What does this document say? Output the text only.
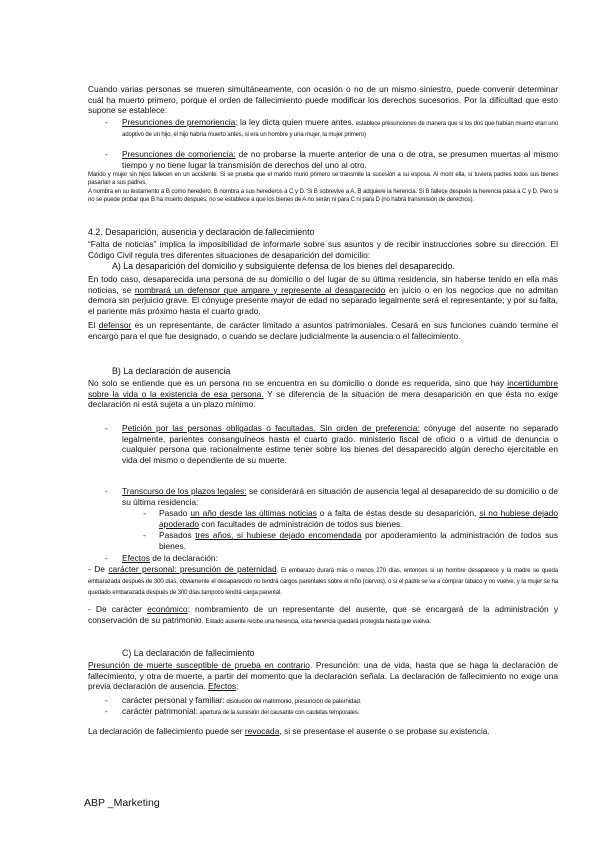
Cuando varias personas se mueren simultáneamente, con ocasión o no de un mismo siniestro, puede convenir determinar cuál ha muerto primero, porque el orden de fallecimiento puede modificar los derechos sucesorios. Por la dificultad que esto supone se establece:

- Presunciones de premoriencia: la ley dicta quien muere antes. establece presunciones de manera que si los dos que habían muerto eran uno adoptivo de un hijo, el hijo habría muerto antes, si era un hombre y una mujer, la mujer primero)

- Presunciones de comoriencia: de no probarse la muerte anterior de una o de otra, se presumen muertas al mismo tiempo y no tiene lugar la transmisión de derechos del uno al otro.

Marido y mujer sin hijos fallecen en un accidente. Si se prueba que el marido murió primero se transmite la sucesión a su esposa. Al morir ella, sí tuviera padres todos sus bienes pasarían a sus padres.

A nombra en su testamento a B como heredero. B nombra a sus herederos a C y D. Si B sobrevive a A, B adquiere la herencia. Si B fallece después la herencia pasa a C y D. Pero si no se puede probar que B ha muerto después, no se establece a que los bienes de A no serán ni para C ni para D (no habrá transmisión de derechos).

4.2. Desaparición, ausencia y declaración de fallecimiento

“Falta de noticias” implica la imposibilidad de informarle sobre sus asuntos y de recibir instrucciones sobre su dirección. El Código Civil regula tres diferentes situaciones de desaparición del domicilio:

A) La desaparición del domicilio y subsiguiente defensa de los bienes del desaparecido.

En todo caso, desaparecida una persona de su domicilio o del lugar de su última residencia, sin haberse tenido en ella más noticias, se nombrará un defensor que ampare y represente al desaparecido en juicio o en los negocios que no admitan demora sin perjuicio grave. El cónyuge presente mayor de edad no separado legalmente será el representante; y por su falta, el pariente más próximo hasta el cuarto grado.

El defensor es un representante, de carácter limitado a asuntos patrimoniales. Cesará en sus funciones cuando termine el encargo para el que fue designado, o cuando se declare judicialmente la ausencia o el fallecimiento.

B) La declaración de ausencia

No solo se entiende que es un persona no se encuentra en su domicilio o donde es requerida, sino que hay incertidumbre sobre la vida o la existencia de esa persona. Y se diferencia de la situación de mera desaparición en que ésta no exige declaración ni está sujeta a un plazo mínimo.

- Petición por las personas obligadas o facultadas. Sin orden de preferencia: cónyuge del ausente no separado legalmente, parientes consanguíneos hasta el cuarto grado. ministerio fiscal de oficio o a virtud de denuncia o cualquier persona que racionalmente estime tener sobre los bienes del desaparecido algún derecho ejercitable en vida del mismo o dependiente de su muerte.

- Transcurso de los plazos legales: se considerará en situación de ausencia legal al desaparecido de su domicilio o de su última residencia:

- Pasado un año desde las últimas noticias o a falta de éstas desde su desaparición, si no hubiese dejado apoderado con facultades de administración de todos sus bienes.

- Pasados tres años, si hubiese dejado encomendada por apoderamiento la administración de todos sus bienes.

- Efectos de la declaración:

- De carácter personal: presunción de paternidad. El embarazo durará más o menos 270 días, entonces si un hombre desaparece y la madre se queda embarazada después de 300 días, obviamente el desaparecido no tendrá cargos parentales sobre el niño (ciervos), o si el padre se va a comprar tabaco y no vuelve, y la mujer se ha quedado embarazada después de 300 días tampoco tendrá carga parental.

- De carácter económico: nombramiento de un representante del ausente, que se encargará de la administración y conservación de su patrimonio. Estado ausente recibe una herencia, esta herencia quedará protegida hasta que vuelva.

C) La declaración de fallecimiento

Presunción de muerte susceptible de prueba en contrario. Presunción: una de vida, hasta que se haga la declaración de fallecimiento, y otra de muerte, a partir del momento que la declaración señala. La declaración de fallecimiento no exige una previa declaración de ausencia. Efectos:

- carácter personal y familiar: disolución del matrimonio, presunción de paternidad.

- carácter patrimonial: apertura de la sucesión del causante con cautelas temporales.

La declaración de fallecimiento puede ser revocada, si se presentase el ausente o se probase su existencia.

ABP _Marketing
